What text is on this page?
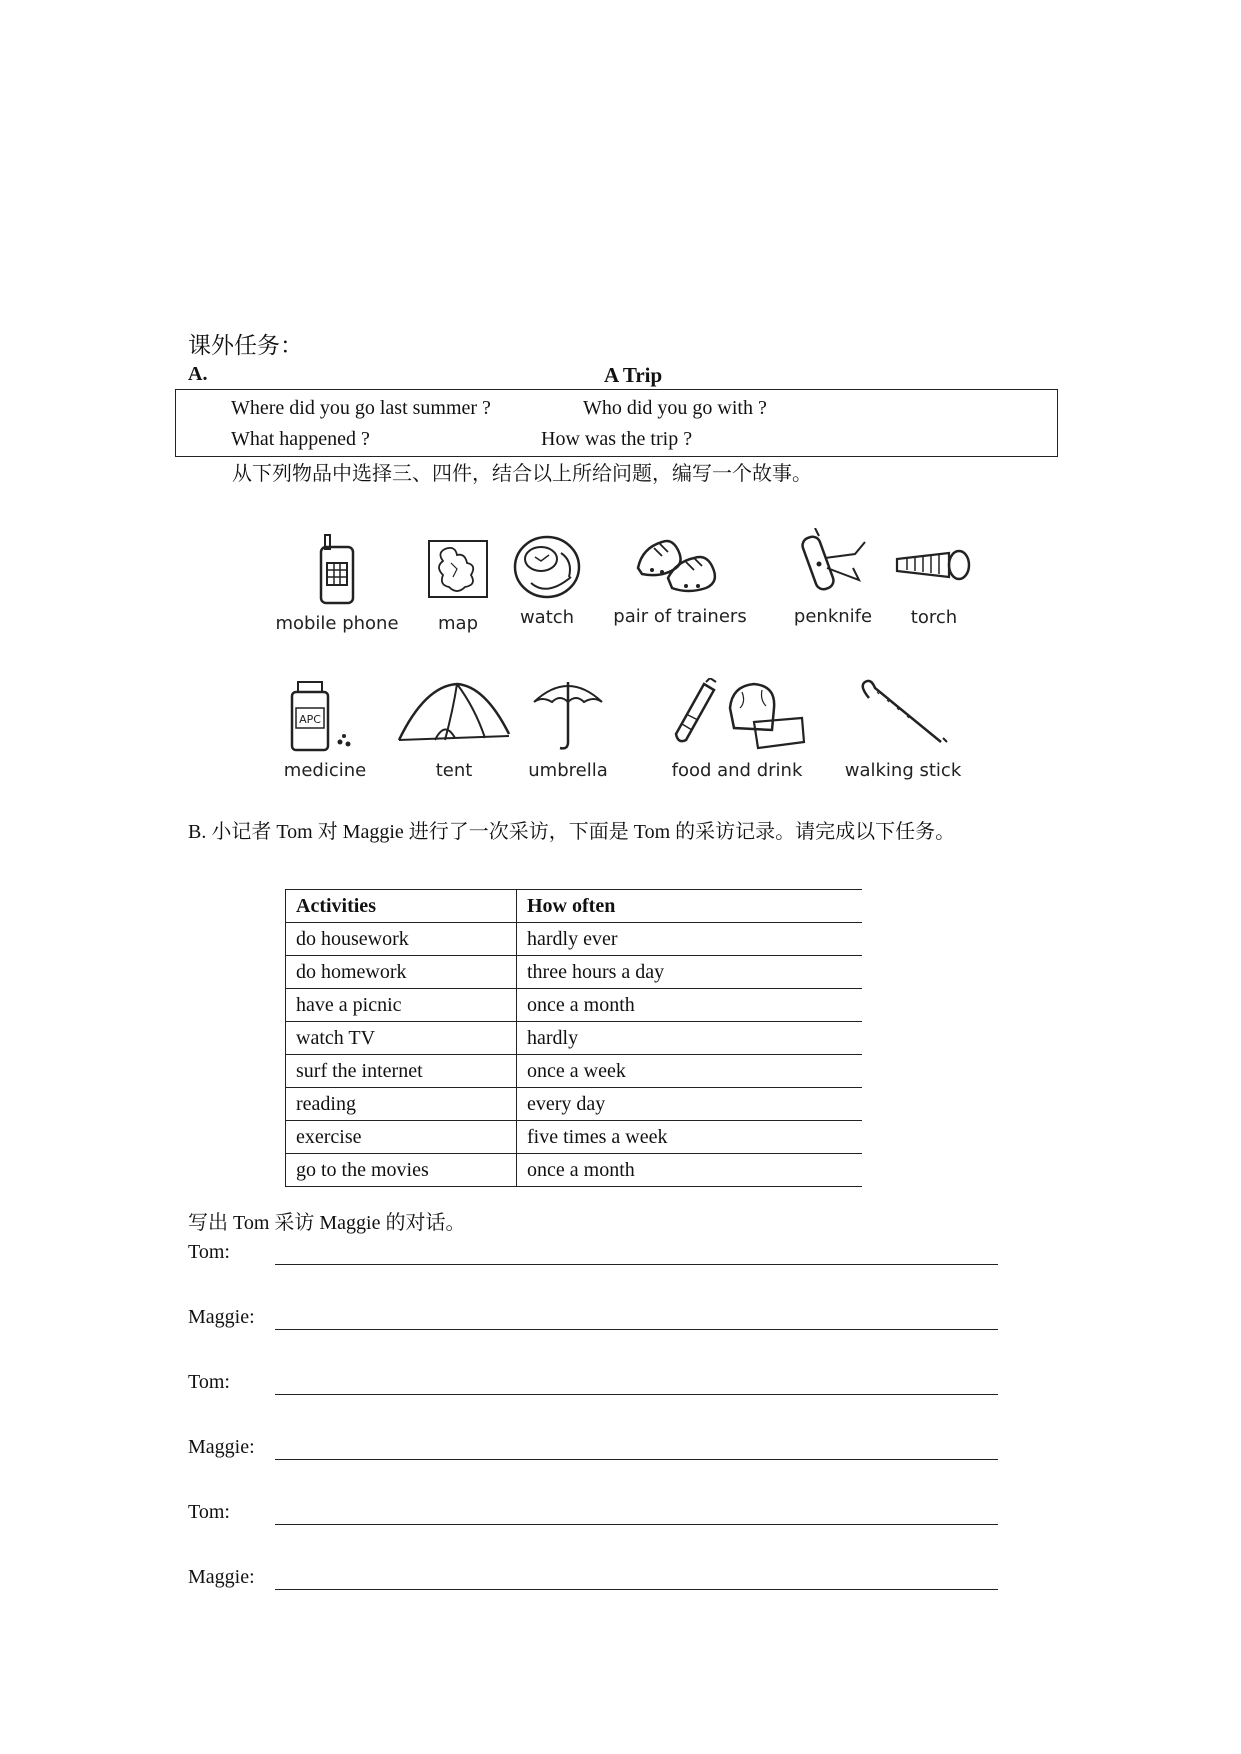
课外任务：
A.	A Trip
Where did you go last summer ?	Who did you go with ?
What happened ?	How was the trip ?
从下列物品中选择三、四件，结合以上所给问题，编写一个故事。
mobile phone	map	watch	pair of trainers	penknife	torch
APC
medicine	tent	umbrella	food and drink	walking stick
B. 小记者 Tom 对 Maggie 进行了一次采访，下面是 Tom 的采访记录。请完成以下任务。
Activities	How often
do housework	hardly ever
do homework	three hours a day
have a picnic	once a month
watch TV	hardly
surf the internet	once a week
reading	every day
exercise	five times a week
go to the movies	once a month
写出 Tom 采访 Maggie 的对话。
Tom:
Maggie:
Tom:
Maggie:
Tom:
Maggie:
